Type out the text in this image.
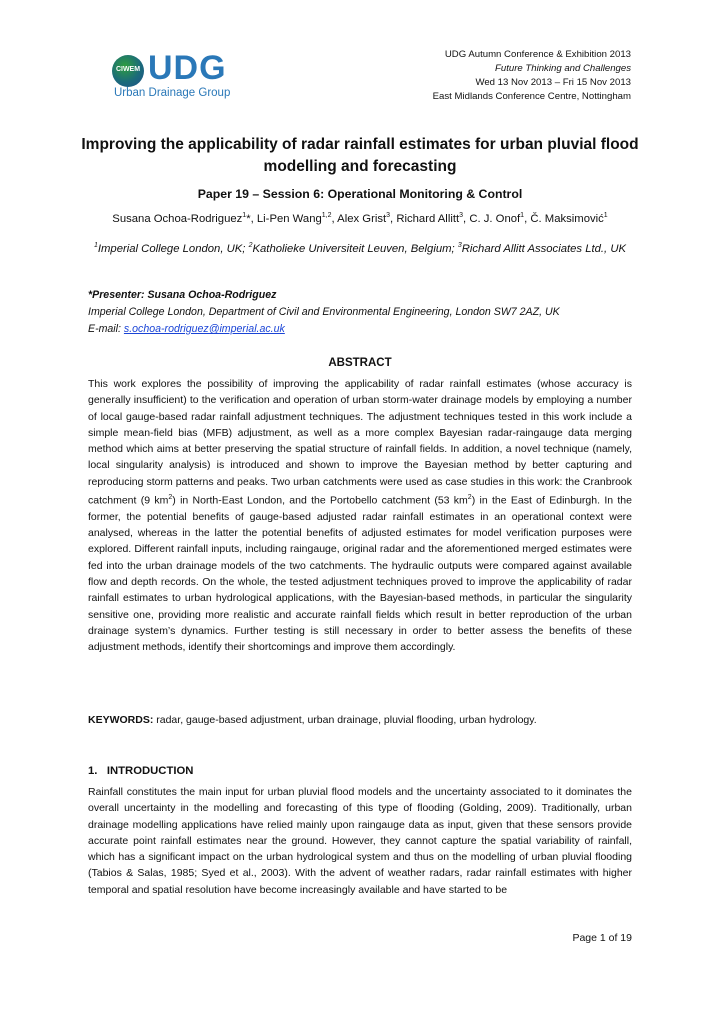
CIWEM UDG
Urban Drainage Group
UDG Autumn Conference & Exhibition 2013
Future Thinking and Challenges
Wed 13 Nov 2013 – Fri 15 Nov 2013
East Midlands Conference Centre, Nottingham
Improving the applicability of radar rainfall estimates for urban pluvial flood modelling and forecasting
Paper 19 – Session 6: Operational Monitoring & Control
Susana Ochoa-Rodriguez$^1$*, Li-Pen Wang$^{1,2}$, Alex Grist$^3$, Richard Allitt$^3$, C. J. Onof$^1$, Č. Maksimović$^1$
$^1$Imperial College London, UK; $^2$Katholieke Universiteit Leuven, Belgium; $^3$Richard Allitt Associates Ltd., UK
*Presenter: Susana Ochoa-Rodriguez
Imperial College London, Department of Civil and Environmental Engineering, London SW7 2AZ, UK
E-mail: s.ochoa-rodriguez@imperial.ac.uk
ABSTRACT
This work explores the possibility of improving the applicability of radar rainfall estimates (whose accuracy is generally insufficient) to the verification and operation of urban storm-water drainage models by employing a number of local gauge-based radar rainfall adjustment techniques. The adjustment techniques tested in this work include a simple mean-field bias (MFB) adjustment, as well as a more complex Bayesian radar-raingauge data merging method which aims at better preserving the spatial structure of rainfall fields. In addition, a novel technique (namely, local singularity analysis) is introduced and shown to improve the Bayesian method by better capturing and reproducing storm patterns and peaks. Two urban catchments were used as case studies in this work: the Cranbrook catchment (9 $km^2$) in North-East London, and the Portobello catchment (53 $km^2$) in the East of Edinburgh. In the former, the potential benefits of gauge-based adjusted radar rainfall estimates in an operational context were analysed, whereas in the latter the potential benefits of adjusted estimates for model verification purposes were explored. Different rainfall inputs, including raingauge, original radar and the aforementioned merged estimates were fed into the urban drainage models of the two catchments. The hydraulic outputs were compared against available flow and depth records. On the whole, the tested adjustment techniques proved to improve the applicability of radar rainfall estimates to urban hydrological applications, with the Bayesian-based methods, in particular the singularity sensitive one, providing more realistic and accurate rainfall fields which result in better reproduction of the urban drainage system’s dynamics. Further testing is still necessary in order to better assess the benefits of these adjustment methods, identify their shortcomings and improve them accordingly.
KEYWORDS: radar, gauge-based adjustment, urban drainage, pluvial flooding, urban hydrology.
1.   INTRODUCTION
Rainfall constitutes the main input for urban pluvial flood models and the uncertainty associated to it dominates the overall uncertainty in the modelling and forecasting of this type of flooding (Golding, 2009). Traditionally, urban drainage modelling applications have relied mainly upon raingauge data as input, given that these sensors provide accurate point rainfall estimates near the ground. However, they cannot capture the spatial variability of rainfall, which has a significant impact on the urban hydrological system and thus on the modelling of urban pluvial flooding (Tabios & Salas, 1985; Syed et al., 2003). With the advent of weather radars, radar rainfall estimates with higher temporal and spatial resolution have become increasingly available and have started to be
Page 1 of 19
